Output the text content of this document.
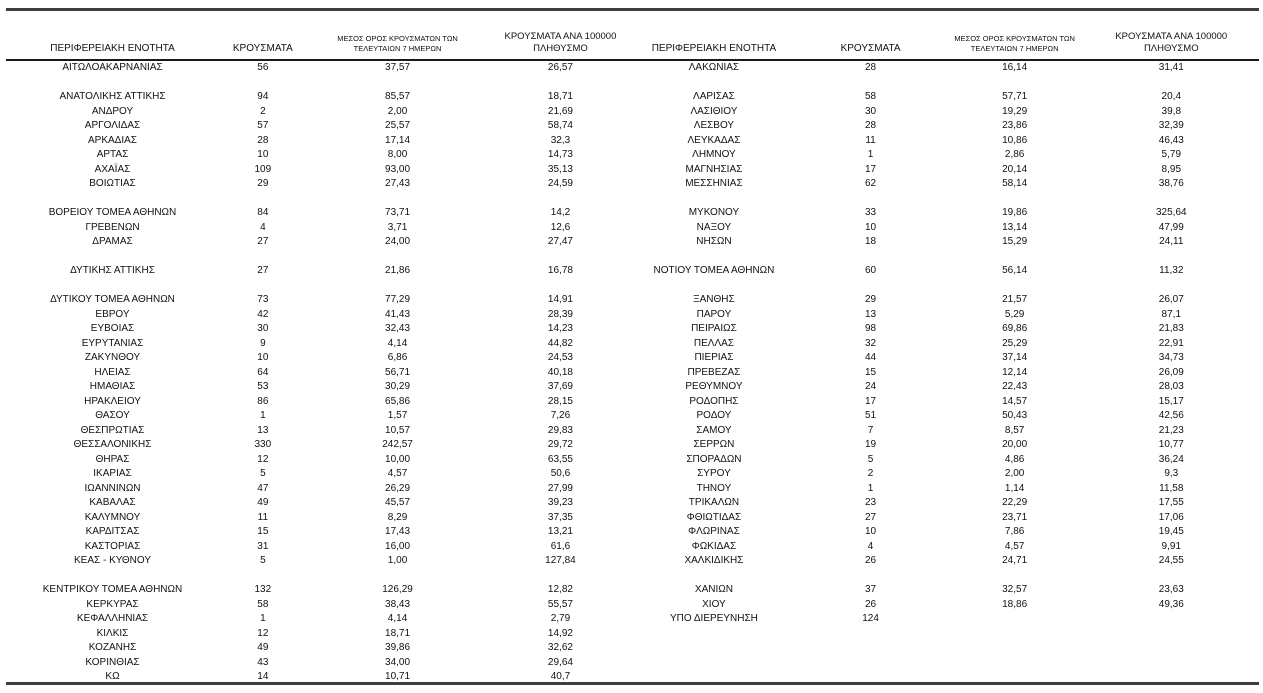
ΠΕΡΙΦΕΡΕΙΑΚΗ ΕΝΟΤΗΤΑ	ΚΡΟΥΣΜΑΤΑ	ΜΕΣΟΣ ΟΡΟΣ ΚΡΟΥΣΜΑΤΩΝ ΤΩΝ ΤΕΛΕΥΤΑΙΩΝ 7 ΗΜΕΡΩΝ	ΚΡΟΥΣΜΑΤΑ ΑΝΑ 100000 ΠΛΗΘΥΣΜΟ
ΑΙΤΩΛΟΑΚΑΡΝΑΝΙΑΣ	56	37,57	26,57

ΑΝΑΤΟΛΙΚΗΣ ΑΤΤΙΚΗΣ	94	85,57	18,71
ΑΝΔΡΟΥ	2	2,00	21,69
ΑΡΓΟΛΙΔΑΣ	57	25,57	58,74
ΑΡΚΑΔΙΑΣ	28	17,14	32,3
ΑΡΤΑΣ	10	8,00	14,73
ΑΧΑΪΑΣ	109	93,00	35,13
ΒΟΙΩΤΙΑΣ	29	27,43	24,59

ΒΟΡΕΙΟΥ ΤΟΜΕΑ ΑΘΗΝΩΝ	84	73,71	14,2
ΓΡΕΒΕΝΩΝ	4	3,71	12,6
ΔΡΑΜΑΣ	27	24,00	27,47

ΔΥΤΙΚΗΣ ΑΤΤΙΚΗΣ	27	21,86	16,78

ΔΥΤΙΚΟΥ ΤΟΜΕΑ ΑΘΗΝΩΝ	73	77,29	14,91
ΕΒΡΟΥ	42	41,43	28,39
ΕΥΒΟΙΑΣ	30	32,43	14,23
ΕΥΡΥΤΑΝΙΑΣ	9	4,14	44,82
ΖΑΚΥΝΘΟΥ	10	6,86	24,53
ΗΛΕΙΑΣ	64	56,71	40,18
ΗΜΑΘΙΑΣ	53	30,29	37,69
ΗΡΑΚΛΕΙΟΥ	86	65,86	28,15
ΘΑΣΟΥ	1	1,57	7,26
ΘΕΣΠΡΩΤΙΑΣ	13	10,57	29,83
ΘΕΣΣΑΛΟΝΙΚΗΣ	330	242,57	29,72
ΘΗΡΑΣ	12	10,00	63,55
ΙΚΑΡΙΑΣ	5	4,57	50,6
ΙΩΑΝΝΙΝΩΝ	47	26,29	27,99
ΚΑΒΑΛΑΣ	49	45,57	39,23
ΚΑΛΥΜΝΟΥ	11	8,29	37,35
ΚΑΡΔΙΤΣΑΣ	15	17,43	13,21
ΚΑΣΤΟΡΙΑΣ	31	16,00	61,6
ΚΕΑΣ - ΚΥΘΝΟΥ	5	1,00	127,84

ΚΕΝΤΡΙΚΟΥ ΤΟΜΕΑ ΑΘΗΝΩΝ	132	126,29	12,82
ΚΕΡΚΥΡΑΣ	58	38,43	55,57
ΚΕΦΑΛΛΗΝΙΑΣ	1	4,14	2,79
ΚΙΛΚΙΣ	12	18,71	14,92
ΚΟΖΑΝΗΣ	49	39,86	32,62
ΚΟΡΙΝΘΙΑΣ	43	34,00	29,64
ΚΩ	14	10,71	40,7
ΠΕΡΙΦΕΡΕΙΑΚΗ ΕΝΟΤΗΤΑ	ΚΡΟΥΣΜΑΤΑ	ΜΕΣΟΣ ΟΡΟΣ ΚΡΟΥΣΜΑΤΩΝ ΤΩΝ ΤΕΛΕΥΤΑΙΩΝ 7 ΗΜΕΡΩΝ	ΚΡΟΥΣΜΑΤΑ ΑΝΑ 100000 ΠΛΗΘΥΣΜΟ
ΛΑΚΩΝΙΑΣ	28	16,14	31,41

ΛΑΡΙΣΑΣ	58	57,71	20,4
ΛΑΣΙΘΙΟΥ	30	19,29	39,8
ΛΕΣΒΟΥ	28	23,86	32,39
ΛΕΥΚΑΔΑΣ	11	10,86	46,43
ΛΗΜΝΟΥ	1	2,86	5,79
ΜΑΓΝΗΣΙΑΣ	17	20,14	8,95
ΜΕΣΣΗΝΙΑΣ	62	58,14	38,76

ΜΥΚΟΝΟΥ	33	19,86	325,64
ΝΑΞΟΥ	10	13,14	47,99
ΝΗΣΩΝ	18	15,29	24,11

ΝΟΤΙΟΥ ΤΟΜΕΑ ΑΘΗΝΩΝ	60	56,14	11,32

ΞΑΝΘΗΣ	29	21,57	26,07
ΠΑΡΟΥ	13	5,29	87,1
ΠΕΙΡΑΙΩΣ	98	69,86	21,83
ΠΕΛΛΑΣ	32	25,29	22,91
ΠΙΕΡΙΑΣ	44	37,14	34,73
ΠΡΕΒΕΖΑΣ	15	12,14	26,09
ΡΕΘΥΜΝΟΥ	24	22,43	28,03
ΡΟΔΟΠΗΣ	17	14,57	15,17
ΡΟΔΟΥ	51	50,43	42,56
ΣΑΜΟΥ	7	8,57	21,23
ΣΕΡΡΩΝ	19	20,00	10,77
ΣΠΟΡΑΔΩΝ	5	4,86	36,24
ΣΥΡΟΥ	2	2,00	9,3
ΤΗΝΟΥ	1	1,14	11,58
ΤΡΙΚΑΛΩΝ	23	22,29	17,55
ΦΘΙΩΤΙΔΑΣ	27	23,71	17,06
ΦΛΩΡΙΝΑΣ	10	7,86	19,45
ΦΩΚΙΔΑΣ	4	4,57	9,91
ΧΑΛΚΙΔΙΚΗΣ	26	24,71	24,55

ΧΑΝΙΩΝ	37	32,57	23,63
ΧΙΟΥ	26	18,86	49,36
ΥΠΟ ΔΙΕΡΕΥΝΗΣΗ	124		
